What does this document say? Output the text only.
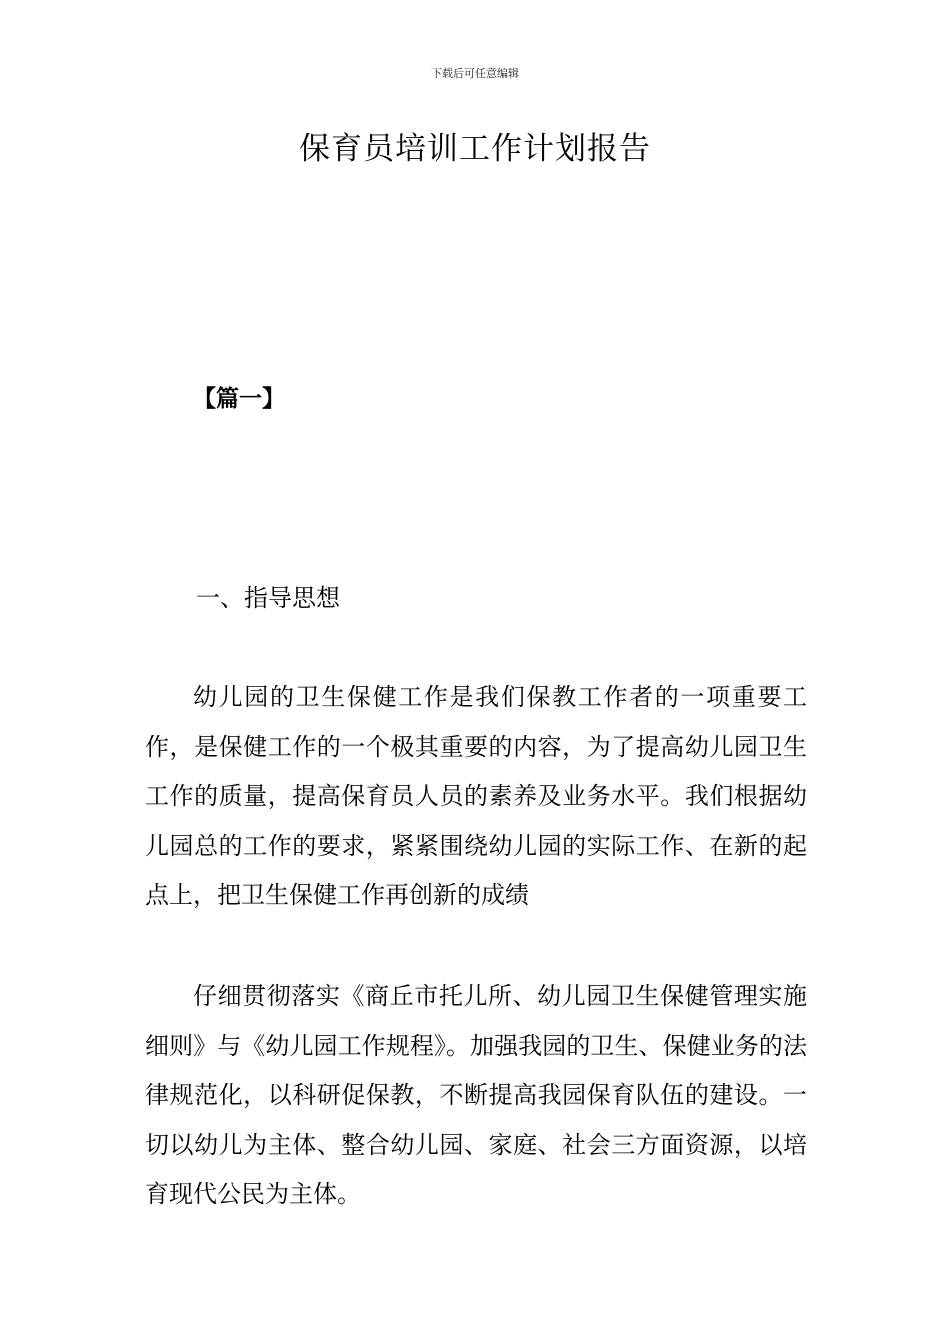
下载后可任意编辑
保育员培训工作计划报告
【篇一】
一、指导思想

幼儿园的卫生保健工作是我们保教工作者的一项重要工作，是保健工作的一个极其重要的内容，为了提高幼儿园卫生工作的质量，提高保育员人员的素养及业务水平。我们根据幼儿园总的工作的要求，紧紧围绕幼儿园的实际工作、在新的起点上，把卫生保健工作再创新的成绩

仔细贯彻落实《商丘市托儿所、幼儿园卫生保健管理实施细则》与《幼儿园工作规程》。加强我园的卫生、保健业务的法律规范化，以科研促保教，不断提高我园保育队伍的建设。一切以幼儿为主体、整合幼儿园、家庭、社会三方面资源，以培育现代公民为主体。
